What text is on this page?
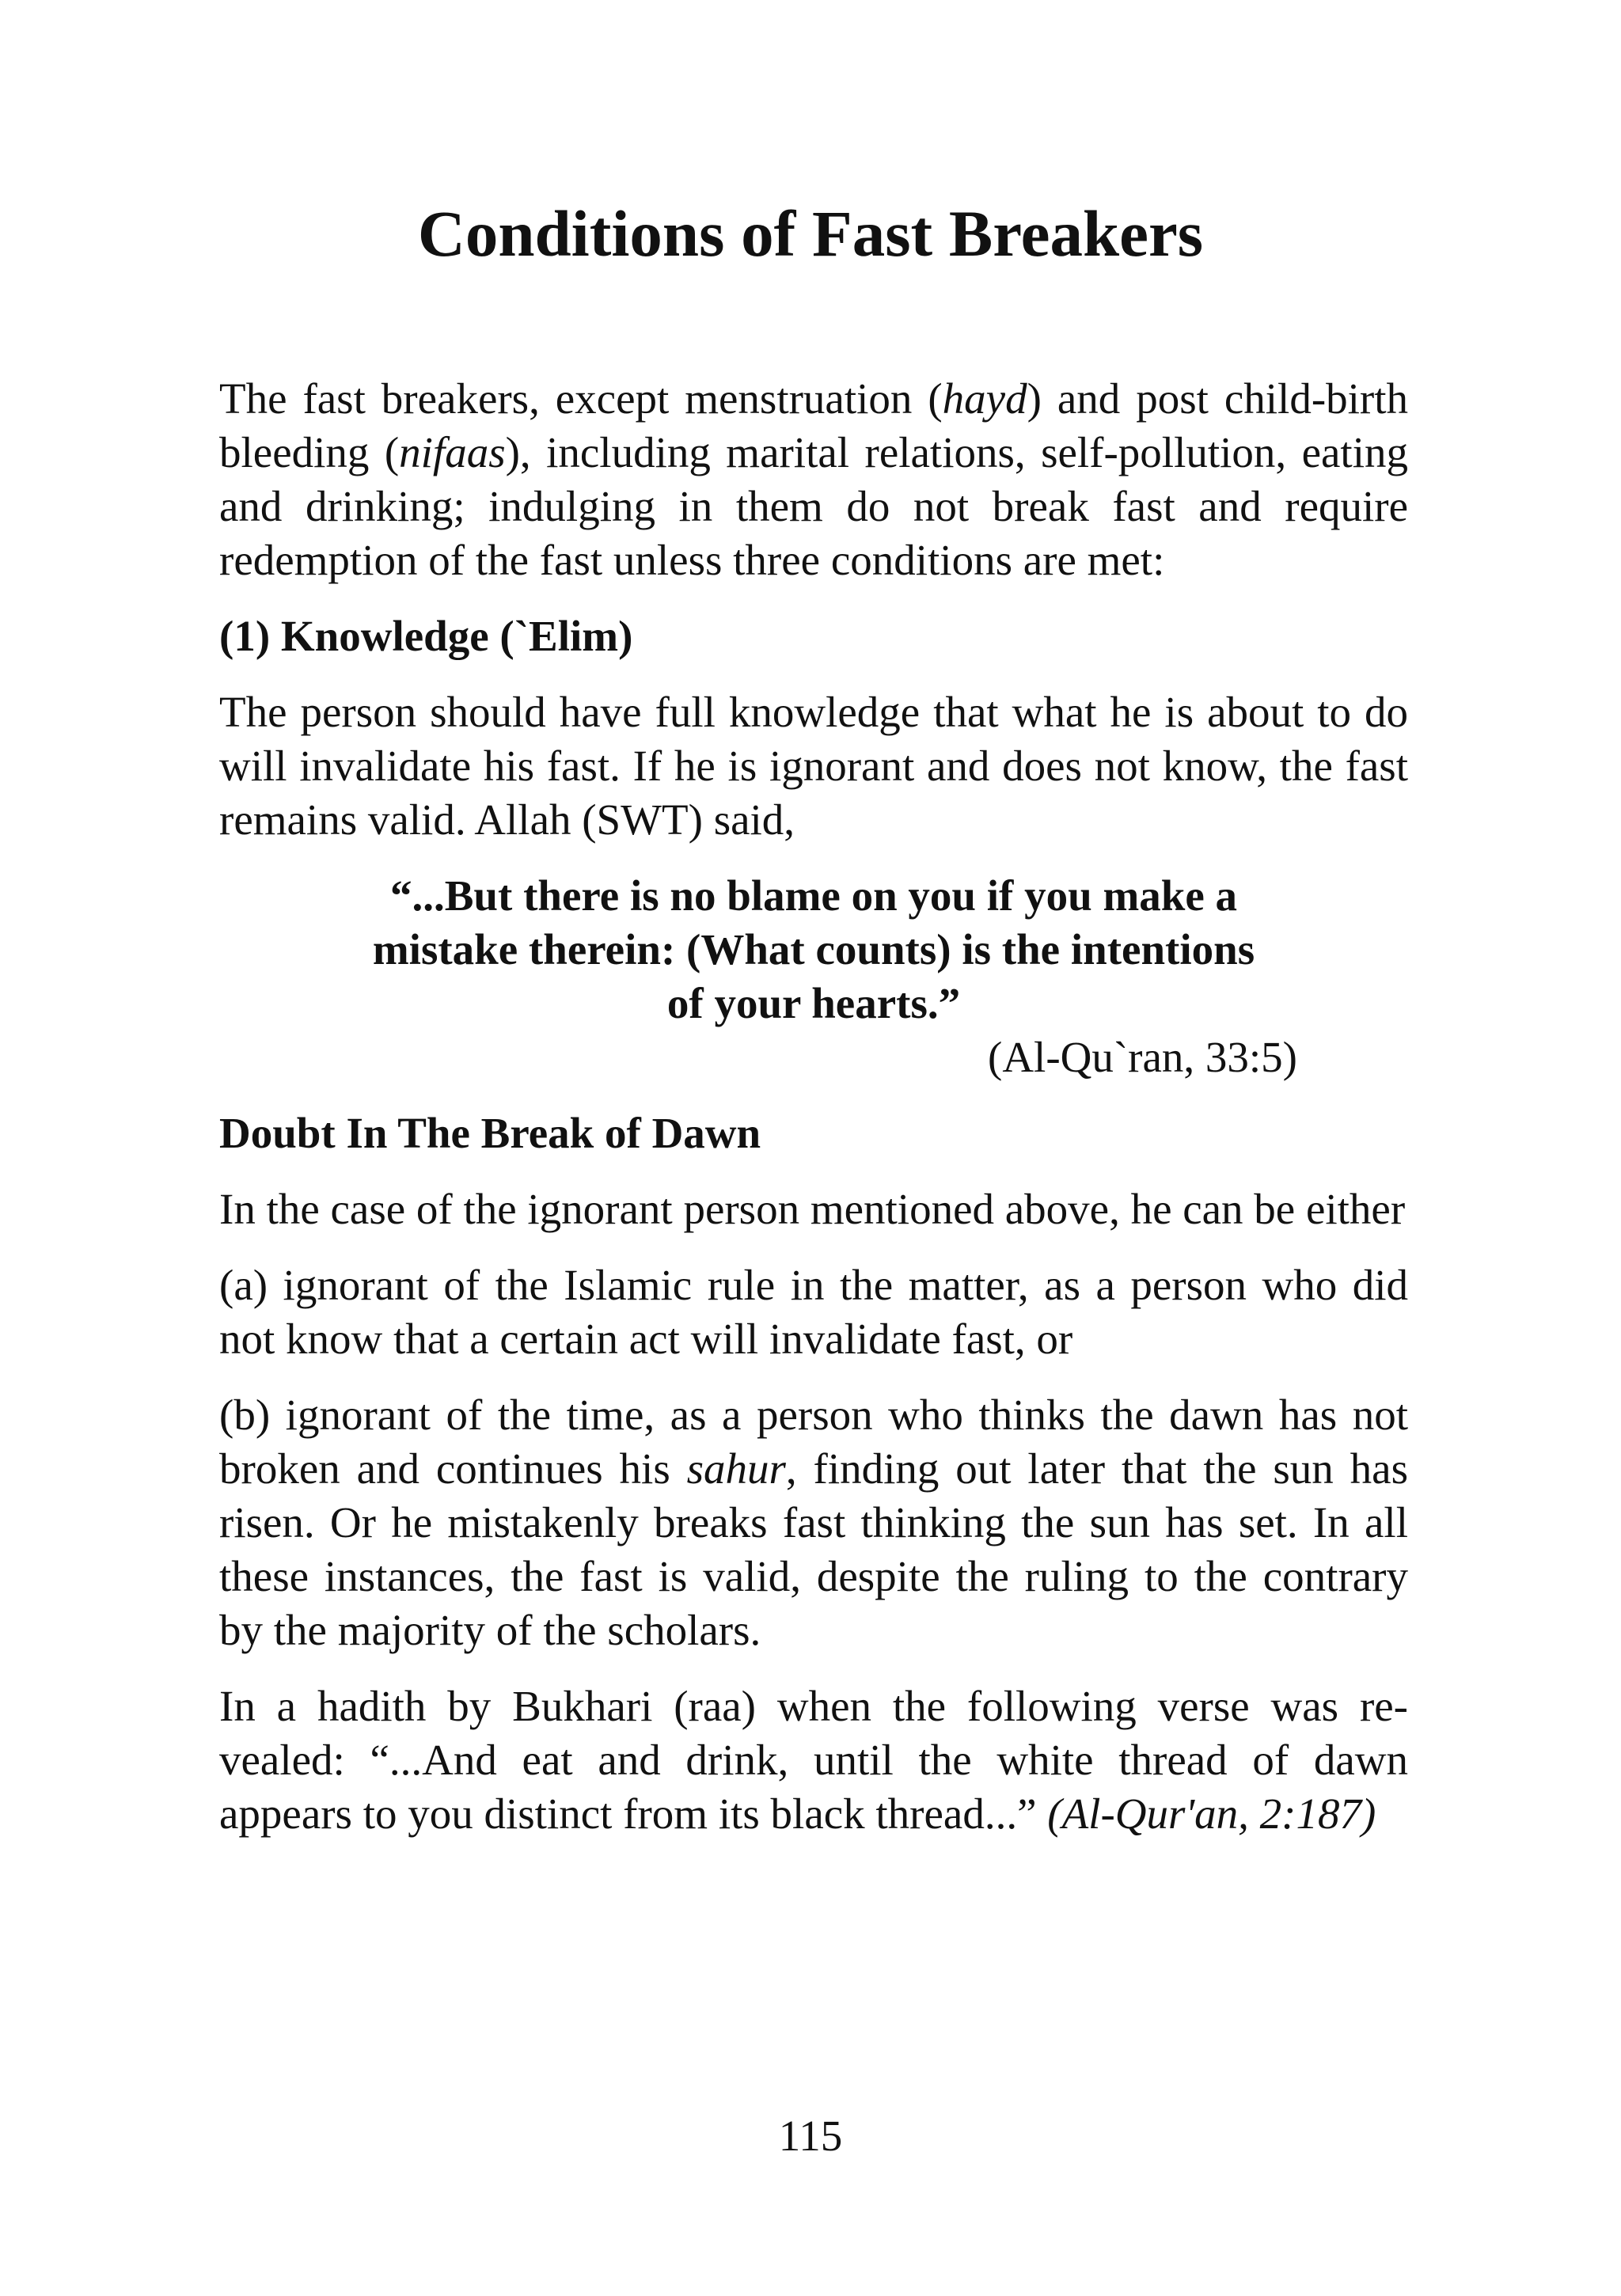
Conditions of Fast Breakers

The fast breakers, except menstruation (hayd) and post child-birth bleeding (nifaas), including marital relations, self-pollution, eating and drinking; indulging in them do not break fast and require redemption of the fast unless three conditions are met:

(1) Knowledge (`Elim)

The person should have full knowledge that what he is about to do will invalidate his fast. If he is ignorant and does not know, the fast remains valid. Allah (SWT) said,

“...But there is no blame on you if you make a
mistake therein: (What counts) is the intentions
of your hearts.”

(Al-Qu`ran, 33:5)

Doubt In The Break of Dawn

In the case of the ignorant person mentioned above, he can be either

(a) ignorant of the Islamic rule in the matter, as a person who did not know that a certain act will invalidate fast, or

(b) ignorant of the time, as a person who thinks the dawn has not broken and continues his sahur, finding out later that the sun has risen. Or he mistakenly breaks fast thinking the sun has set. In all these instances, the fast is valid, despite the ruling to the contrary by the majority of the scholars.

In a hadith by Bukhari (raa) when the following verse was re-vealed: “...And eat and drink, until the white thread of dawn appears to you distinct from its black thread...” (Al-Qur'an, 2:187)

115
